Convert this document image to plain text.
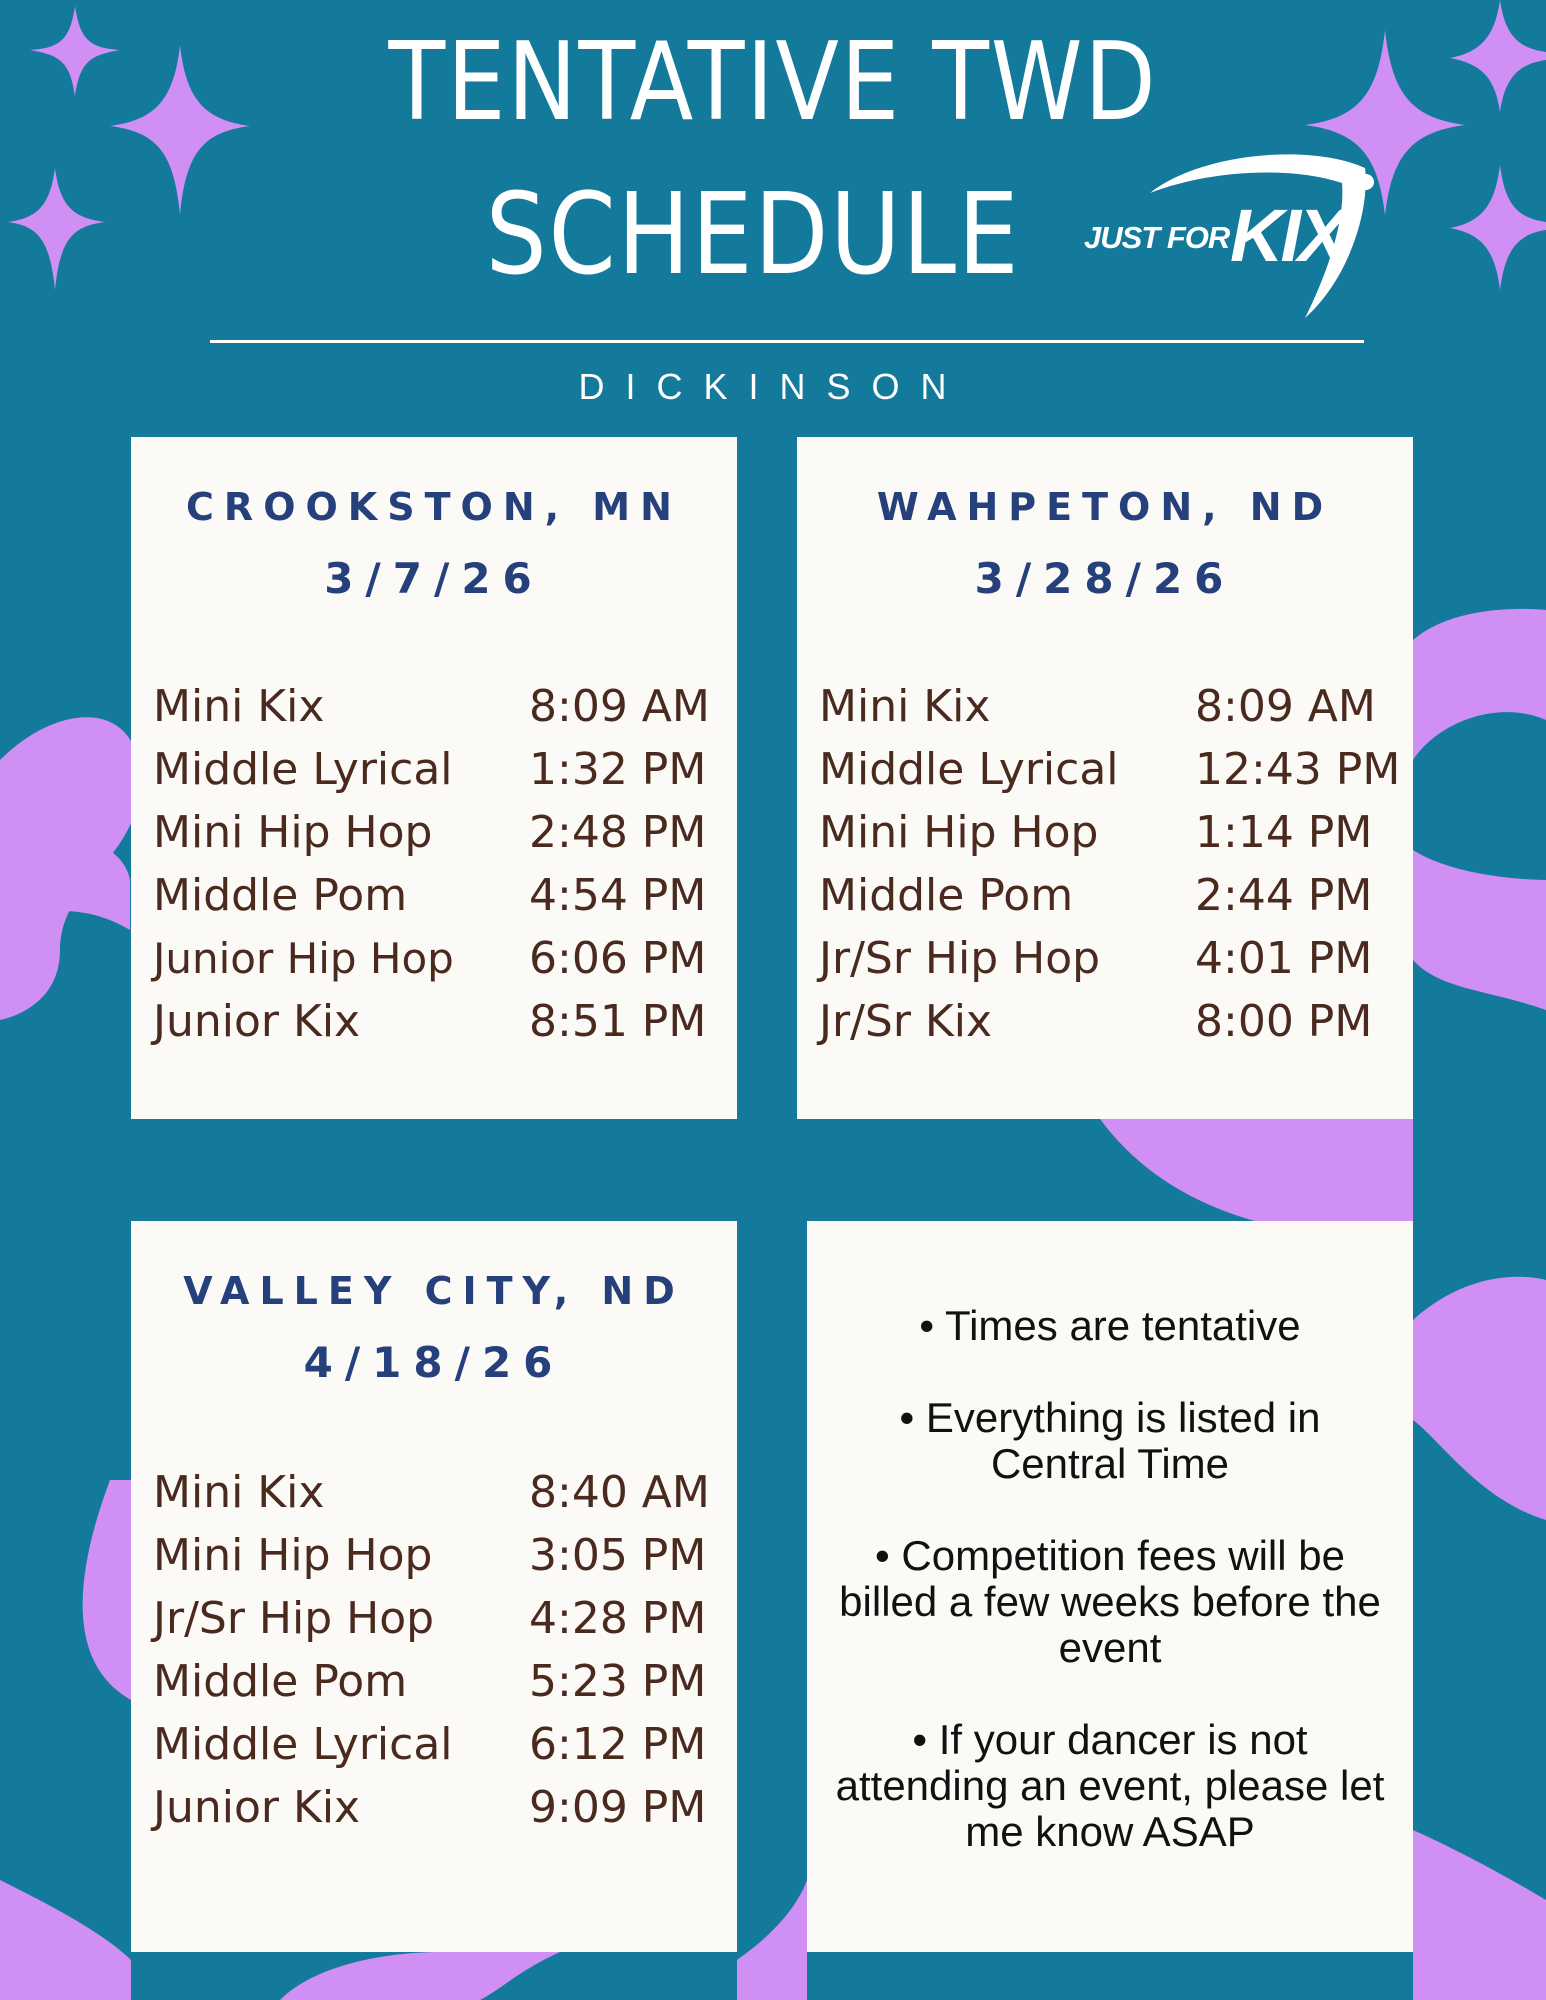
TENTATIVE TWD
SCHEDULE	JUST FOR KIX
DICKINSON
CROOKSTON, MN
3/7/26
Mini Kix	8:09 AM
Middle Lyrical 1:32 PM
Mini Hip Hop 2:48 PM
Middle Pom	4:54 PM
Junior Hip Hop 6:06 PM
Junior Kix	8:51 PM
WAHPETON, ND
3/28/26
Mini Kix	8:09 AM
Middle Lyrical 12:43 PM
Mini Hip Hop 1:14 PM
Middle Pom	2:44 PM
Jr/Sr Hip Hop 4:01 PM
Jr/Sr Kix	8:00 PM
VALLEY CITY, ND
4/18/26
Mini Kix	8:40 AM
Mini Hip Hop 3:05 PM
Jr/Sr Hip Hop 4:28 PM
Middle Pom	5:23 PM
Middle Lyrical 6:12 PM
Junior Kix	9:09 PM

• Times are tentative

• Everything is listed in Central Time

• Competition fees will be billed a few weeks before the event

• If your dancer is not attending an event, please let me know ASAP
